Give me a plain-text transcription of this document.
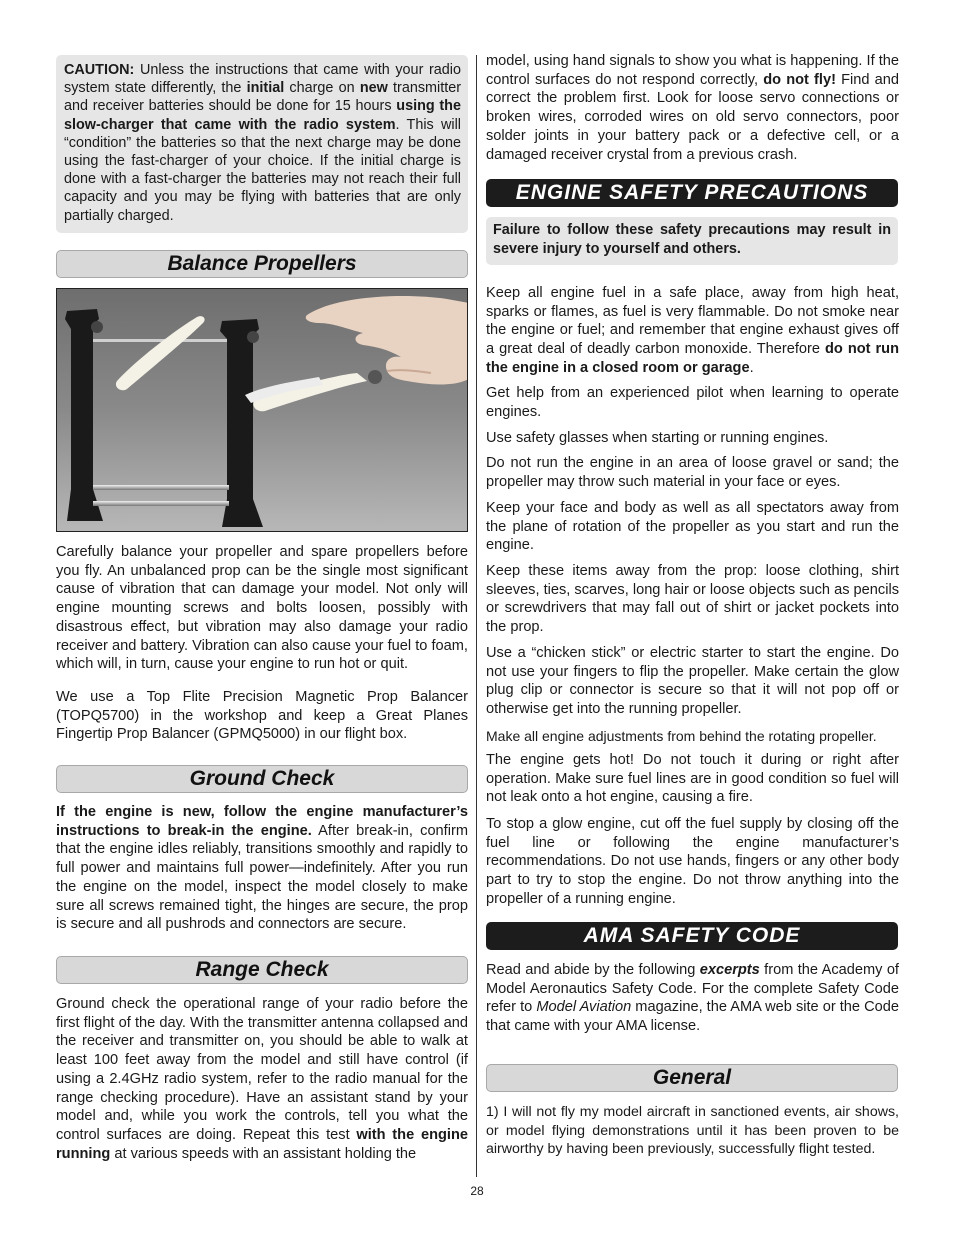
CAUTION: Unless the instructions that came with your radio system state differently, the initial charge on new transmitter and receiver batteries should be done for 15 hours using the slow-charger that came with the radio system. This will “condition” the batteries so that the next charge may be done using the fast-charger of your choice. If the initial charge is done with a fast-charger the batteries may not reach their full capacity and you may be flying with batteries that are only partially charged.

Balance Propellers

Carefully balance your propeller and spare propellers before you fly. An unbalanced prop can be the single most significant cause of vibration that can damage your model. Not only will engine mounting screws and bolts loosen, possibly with disastrous effect, but vibration may also damage your radio receiver and battery. Vibration can also cause your fuel to foam, which will, in turn, cause your engine to run hot or quit.

We use a Top Flite Precision Magnetic Prop Balancer (TOPQ5700) in the workshop and keep a Great Planes Fingertip Prop Balancer (GPMQ5000) in our flight box.

Ground Check

If the engine is new, follow the engine manufacturer’s instructions to break-in the engine. After break-in, confirm that the engine idles reliably, transitions smoothly and rapidly to full power and maintains full power—indefinitely. After you run the engine on the model, inspect the model closely to make sure all screws remained tight, the hinges are secure, the prop is secure and all pushrods and connectors are secure.

Range Check

Ground check the operational range of your radio before the first flight of the day. With the transmitter antenna collapsed and the receiver and transmitter on, you should be able to walk at least 100 feet away from the model and still have control (if using a 2.4GHz radio system, refer to the radio manual for the range checking procedure). Have an assistant stand by your model and, while you work the controls, tell you what the control surfaces are doing. Repeat this test with the engine running at various speeds with an assistant holding the

model, using hand signals to show you what is happening. If the control surfaces do not respond correctly, do not fly! Find and correct the problem first. Look for loose servo connections or broken wires, corroded wires on old servo connectors, poor solder joints in your battery pack or a defective cell, or a damaged receiver crystal from a previous crash.

ENGINE SAFETY PRECAUTIONS

Failure to follow these safety precautions may result in severe injury to yourself and others.

Keep all engine fuel in a safe place, away from high heat, sparks or flames, as fuel is very flammable. Do not smoke near the engine or fuel; and remember that engine exhaust gives off a great deal of deadly carbon monoxide. Therefore do not run the engine in a closed room or garage.

Get help from an experienced pilot when learning to operate engines.

Use safety glasses when starting or running engines.

Do not run the engine in an area of loose gravel or sand; the propeller may throw such material in your face or eyes.

Keep your face and body as well as all spectators away from the plane of rotation of the propeller as you start and run the engine.

Keep these items away from the prop: loose clothing, shirt sleeves, ties, scarves, long hair or loose objects such as pencils or screwdrivers that may fall out of shirt or jacket pockets into the prop.

Use a “chicken stick” or electric starter to start the engine. Do not use your fingers to flip the propeller. Make certain the glow plug clip or connector is secure so that it will not pop off or otherwise get into the running propeller.

Make all engine adjustments from behind the rotating propeller.

The engine gets hot! Do not touch it during or right after operation. Make sure fuel lines are in good condition so fuel will not leak onto a hot engine, causing a fire.

To stop a glow engine, cut off the fuel supply by closing off the fuel line or following the engine manufacturer’s recommendations. Do not use hands, fingers or any other body part to try to stop the engine. Do not throw anything into the propeller of a running engine.

AMA SAFETY CODE

Read and abide by the following excerpts from the Academy of Model Aeronautics Safety Code. For the complete Safety Code refer to Model Aviation magazine, the AMA web site or the Code that came with your AMA license.

General

1) I will not fly my model aircraft in sanctioned events, air shows, or model flying demonstrations until it has been proven to be airworthy by having been previously, successfully flight tested.

28
